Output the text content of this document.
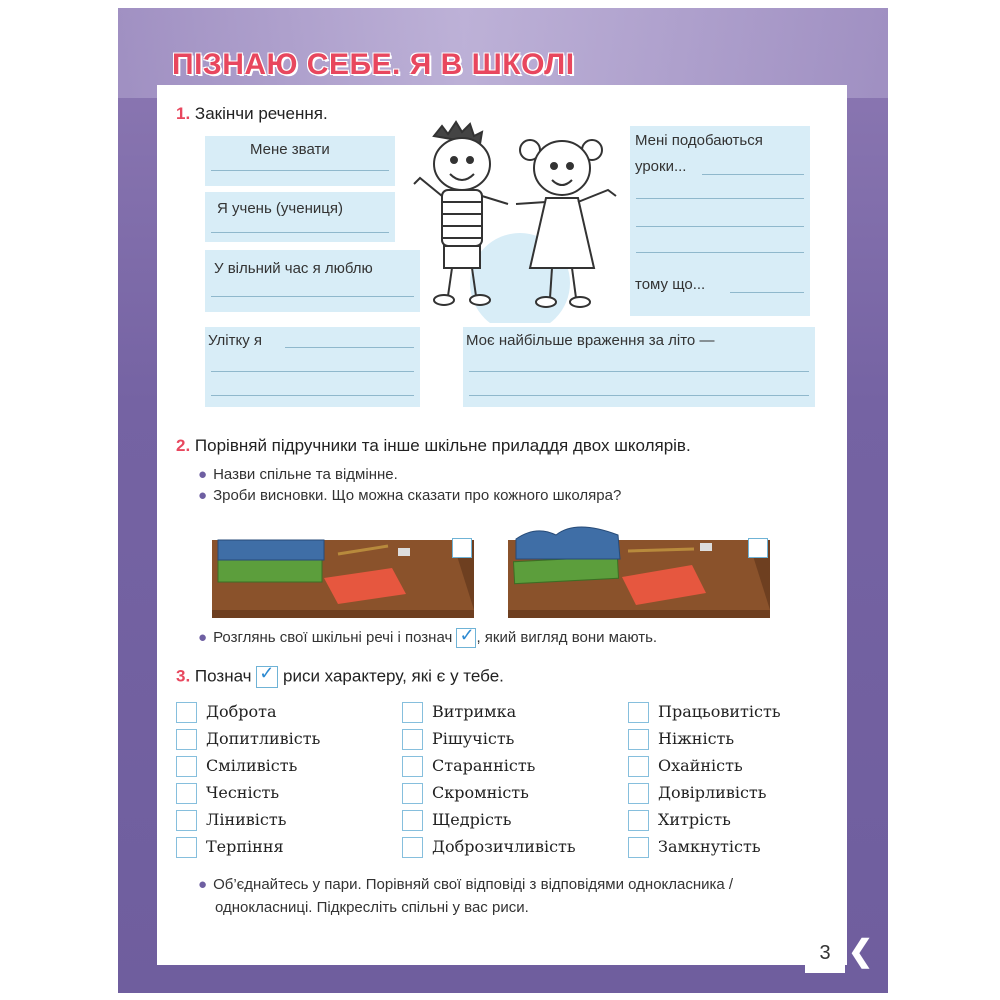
ПІЗНАЮ СЕБЕ. Я В ШКОЛІ
1. Закінчи речення.
Мене звати
Я учень (учениця)
У вільний час я люблю
Улітку я	Моє найбільше враження за літо —
Мені подобаються
уроки...
тому що...
2. Порівняй підручники та інше шкільне приладдя двох школярів.
● Назви спільне та відмінне.
● Зроби висновки. Що можна сказати про кожного школяра?
● Розглянь свої шкільні речі і познач ✓ , який вигляд вони мають.
3. Познач ✓ риси характеру, які є у тебе.
Доброта	Витримка	Працьовитість
Допитливість	Рішучість	Ніжність
Сміливість	Старанність	Охайність
Чесність	Скромність	Довірливість
Лінивість	Щедрість	Хитрість
Терпіння	Доброзичливість	Замкнутість
● Об’єднайтесь у пари. Порівняй свої відповіді з відповідями однокласника /
однокласниці. Підкресліть спільні у вас риси.
3 ❮
